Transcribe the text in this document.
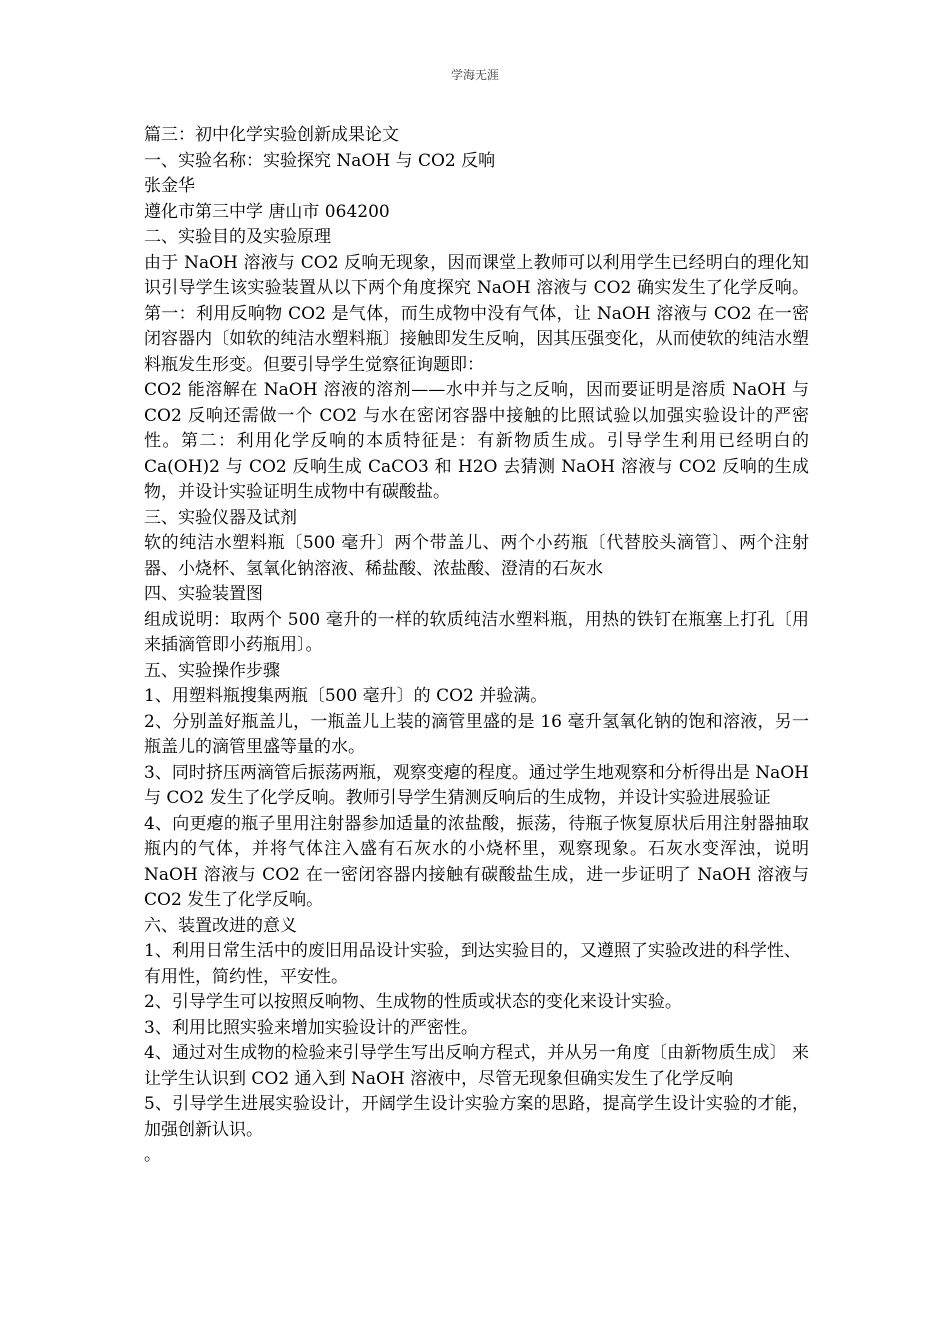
学海无涯

篇三：初中化学实验创新成果论文

一、实验名称：实验探究 NaOH 与 CO2 反响

张金华

遵化市第三中学 唐山市 064200

二、实验目的及实验原理

由于 NaOH 溶液与 CO2 反响无现象，因而课堂上教师可以利用学生已经明白的理化知识引导学生该实验装置从以下两个角度探究 NaOH 溶液与 CO2 确实发生了化学反响。第一：利用反响物 CO2 是气体，而生成物中没有气体，让 NaOH 溶液与 CO2 在一密闭容器内〔如软的纯洁水塑料瓶〕接触即发生反响，因其压强变化，从而使软的纯洁水塑料瓶发生形变。但要引导学生觉察征询题即：

CO2 能溶解在 NaOH 溶液的溶剂——水中并与之反响，因而要证明是溶质 NaOH 与 CO2 反响还需做一个 CO2 与水在密闭容器中接触的比照试验以加强实验设计的严密性。第二：利用化学反响的本质特征是：有新物质生成。引导学生利用已经明白的 Ca(OH)2 与 CO2 反响生成 CaCO3 和 H2O 去猜测 NaOH 溶液与 CO2 反响的生成物，并设计实验证明生成物中有碳酸盐。

三、实验仪器及试剂

软的纯洁水塑料瓶〔500 毫升〕两个带盖儿、两个小药瓶〔代替胶头滴管〕、两个注射器、小烧杯、氢氧化钠溶液、稀盐酸、浓盐酸、澄清的石灰水

四、实验装置图

组成说明：取两个 500 毫升的一样的软质纯洁水塑料瓶，用热的铁钉在瓶塞上打孔〔用来插滴管即小药瓶用〕。

五、实验操作步骤

1、用塑料瓶搜集两瓶〔500 毫升〕的 CO2 并验满。

2、分别盖好瓶盖儿，一瓶盖儿上装的滴管里盛的是 16 毫升氢氧化钠的饱和溶液，另一瓶盖儿的滴管里盛等量的水。

3、同时挤压两滴管后振荡两瓶，观察变瘪的程度。通过学生地观察和分析得出是 NaOH 与 CO2 发生了化学反响。教师引导学生猜测反响后的生成物，并设计实验进展验证

4、向更瘪的瓶子里用注射器参加适量的浓盐酸，振荡，待瓶子恢复原状后用注射器抽取瓶内的气体，并将气体注入盛有石灰水的小烧杯里，观察现象。石灰水变浑浊，说明 NaOH 溶液与 CO2 在一密闭容器内接触有碳酸盐生成，进一步证明了 NaOH 溶液与 CO2 发生了化学反响。

六、装置改进的意义

1、利用日常生活中的废旧用品设计实验，到达实验目的，又遵照了实验改进的科学性、

有用性，简约性，平安性。

2、引导学生可以按照反响物、生成物的性质或状态的变化来设计实验。

3、利用比照实验来增加实验设计的严密性。

4、通过对生成物的检验来引导学生写出反响方程式，并从另一角度〔由新物质生成〕 来让学生认识到 CO2 通入到 NaOH 溶液中，尽管无现象但确实发生了化学反响

5、引导学生进展实验设计，开阔学生设计实验方案的思路，提高学生设计实验的才能， 加强创新认识。

。
